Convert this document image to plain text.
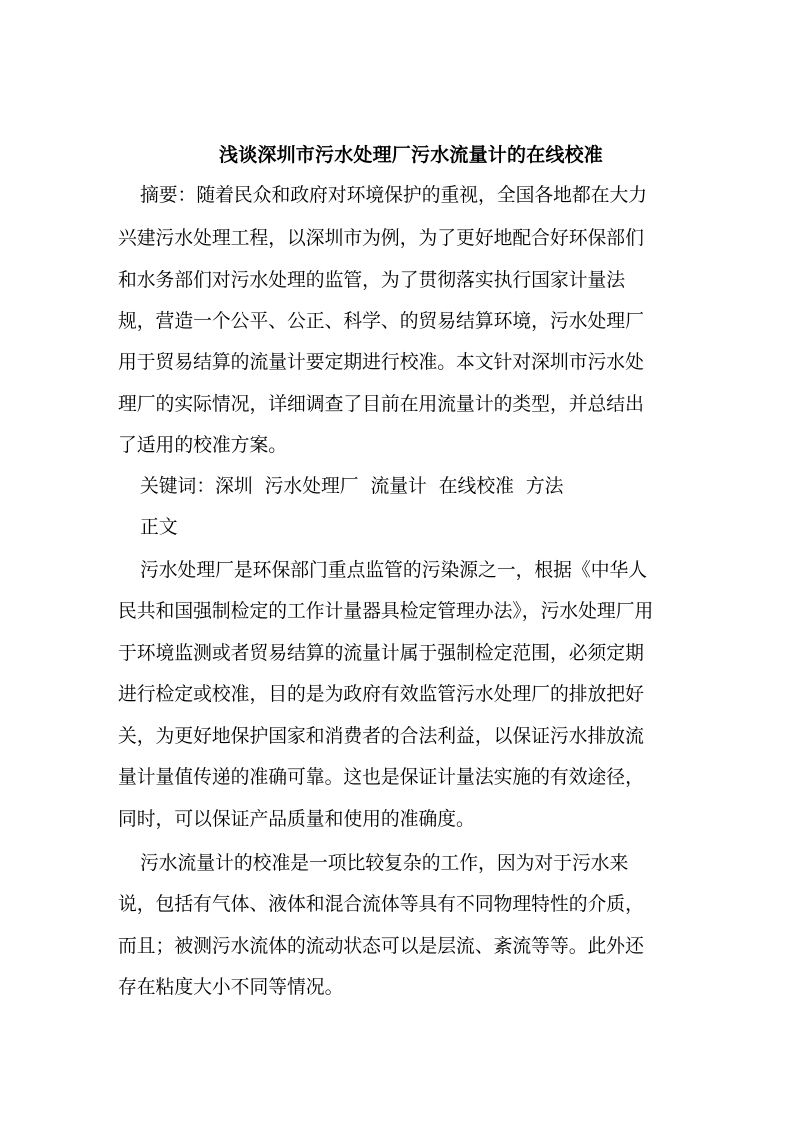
浅谈深圳市污水处理厂污水流量计的在线校准
摘要：随着民众和政府对环境保护的重视，全国各地都在大力
兴建污水处理工程，以深圳市为例，为了更好地配合好环保部们
和水务部们对污水处理的监管，为了贯彻落实执行国家计量法
规，营造一个公平、公正、科学、的贸易结算环境，污水处理厂
用于贸易结算的流量计要定期进行校准。本文针对深圳市污水处
理厂的实际情况，详细调查了目前在用流量计的类型，并总结出
了适用的校准方案。
关键词：深圳  污水处理厂  流量计  在线校准  方法
正文
污水处理厂是环保部门重点监管的污染源之一，根据《中华人
民共和国强制检定的工作计量器具检定管理办法》，污水处理厂用
于环境监测或者贸易结算的流量计属于强制检定范围，必须定期
进行检定或校准，目的是为政府有效监管污水处理厂的排放把好
关，为更好地保护国家和消费者的合法利益，以保证污水排放流
量计量值传递的准确可靠。这也是保证计量法实施的有效途径，
同时，可以保证产品质量和使用的准确度。
污水流量计的校准是一项比较复杂的工作，因为对于污水来
说，包括有气体、液体和混合流体等具有不同物理特性的介质，
而且；被测污水流体的流动状态可以是层流、紊流等等。此外还
存在粘度大小不同等情况。
